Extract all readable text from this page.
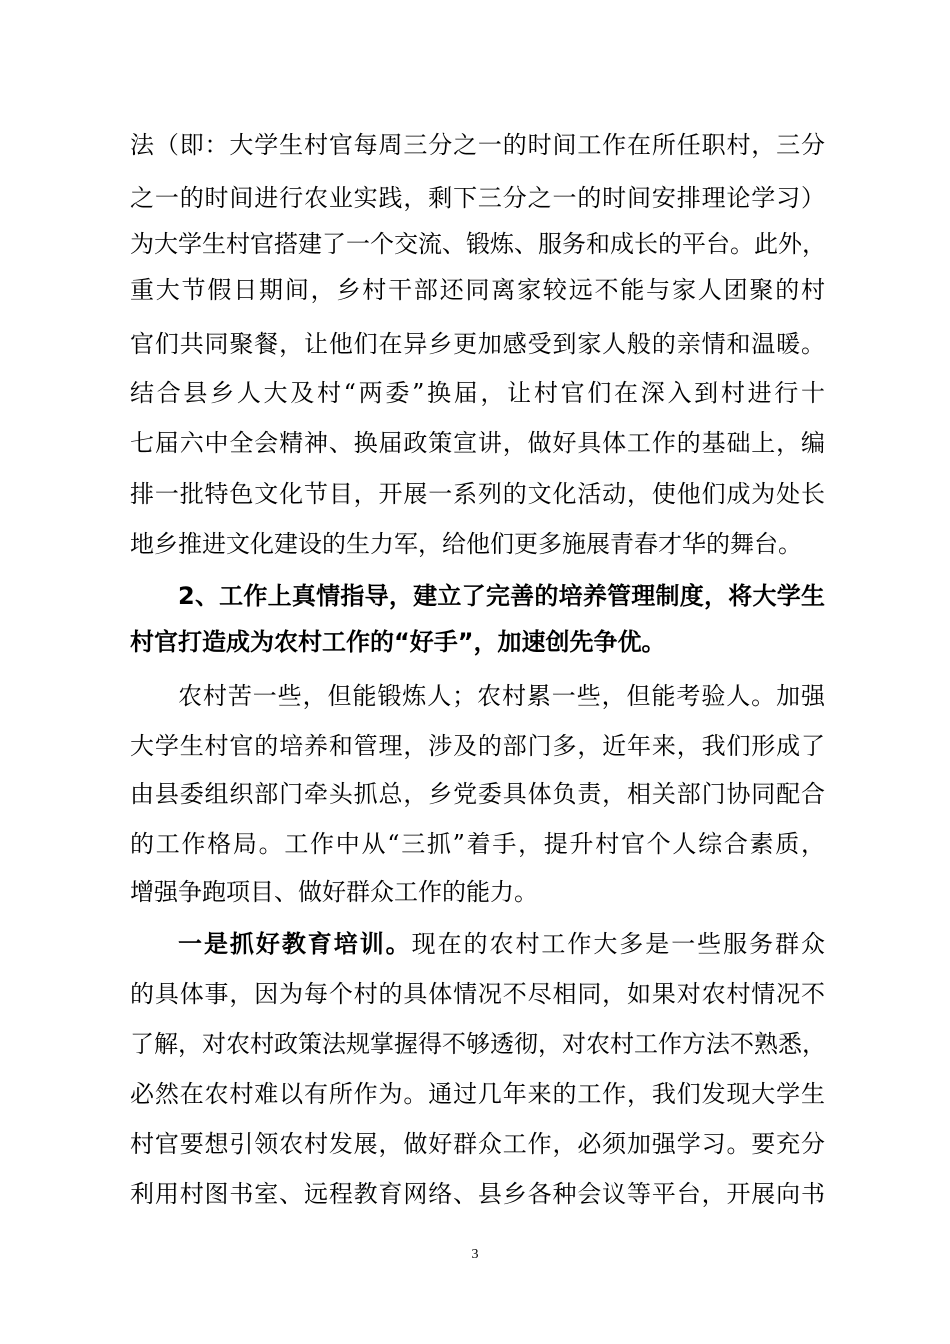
法（即：大学生村官每周三分之一的时间工作在所任职村，三分
之一的时间进行农业实践，剩下三分之一的时间安排理论学习）
为大学生村官搭建了一个交流、锻炼、服务和成长的平台。此外，
重大节假日期间，乡村干部还同离家较远不能与家人团聚的村
官们共同聚餐，让他们在异乡更加感受到家人般的亲情和温暖。
结合县乡人大及村“两委”换届，让村官们在深入到村进行十
七届六中全会精神、换届政策宣讲，做好具体工作的基础上，编
排一批特色文化节目，开展一系列的文化活动，使他们成为处长
地乡推进文化建设的生力军，给他们更多施展青春才华的舞台。
2、工作上真情指导，建立了完善的培养管理制度，将大学生
村官打造成为农村工作的“好手”，加速创先争优。
农村苦一些，但能锻炼人；农村累一些，但能考验人。加强
大学生村官的培养和管理，涉及的部门多，近年来，我们形成了
由县委组织部门牵头抓总，乡党委具体负责，相关部门协同配合
的工作格局。工作中从“三抓”着手，提升村官个人综合素质，
增强争跑项目、做好群众工作的能力。
一是抓好教育培训。现在的农村工作大多是一些服务群众
的具体事，因为每个村的具体情况不尽相同，如果对农村情况不
了解，对农村政策法规掌握得不够透彻，对农村工作方法不熟悉，
必然在农村难以有所作为。通过几年来的工作，我们发现大学生
村官要想引领农村发展，做好群众工作，必须加强学习。要充分
利用村图书室、远程教育网络、县乡各种会议等平台，开展向书
3
